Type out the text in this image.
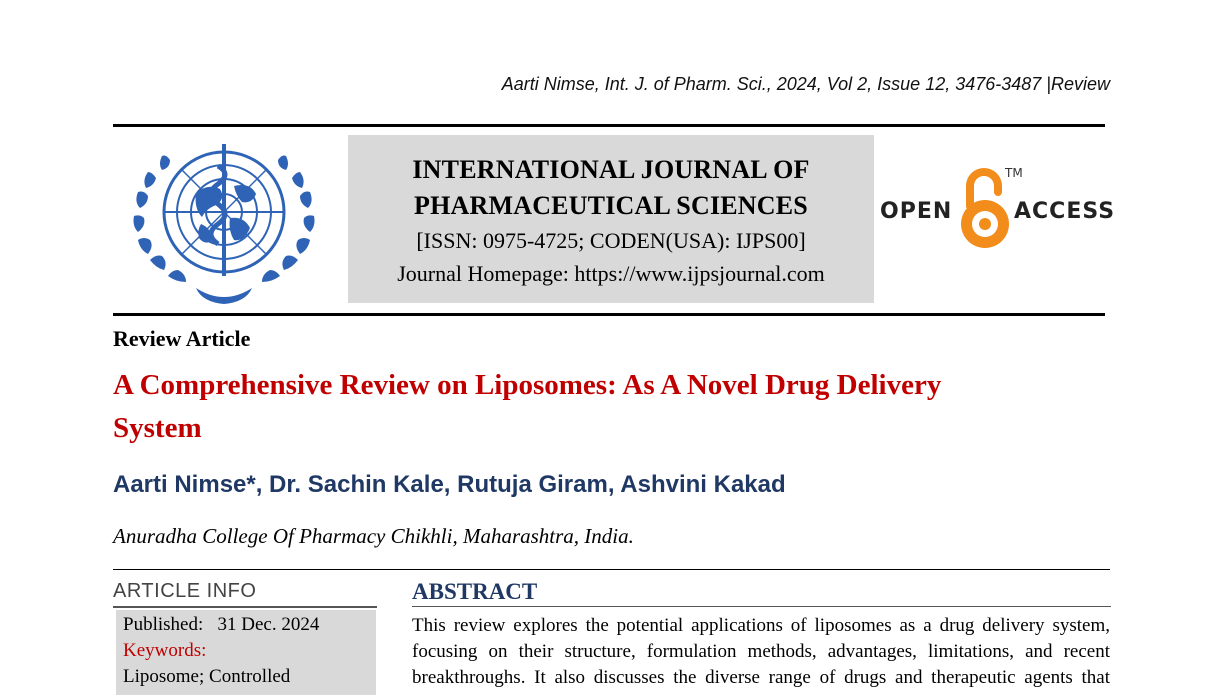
Aarti Nimse, Int. J. of Pharm. Sci., 2024, Vol 2, Issue 12, 3476-3487 |Review
INTERNATIONAL JOURNAL OF
PHARMACEUTICAL SCIENCES
[ISSN: 0975-4725; CODEN(USA): IJPS00]
Journal Homepage: https://www.ijpsjournal.com
OPEN
TM
ACCESS
Review Article
A Comprehensive Review on Liposomes: As A Novel Drug Delivery
System
Aarti Nimse*, Dr. Sachin Kale, Rutuja Giram, Ashvini Kakad
Anuradha College Of Pharmacy Chikhli, Maharashtra, India.
ARTICLE INFO
Published:   31 Dec. 2024
Keywords:
Liposome; Controlled
ABSTRACT
This review explores the potential applications of liposomes as a drug delivery system,
focusing on their structure, formulation methods, advantages, limitations, and recent
breakthroughs. It also discusses the diverse range of drugs and therapeutic agents that
